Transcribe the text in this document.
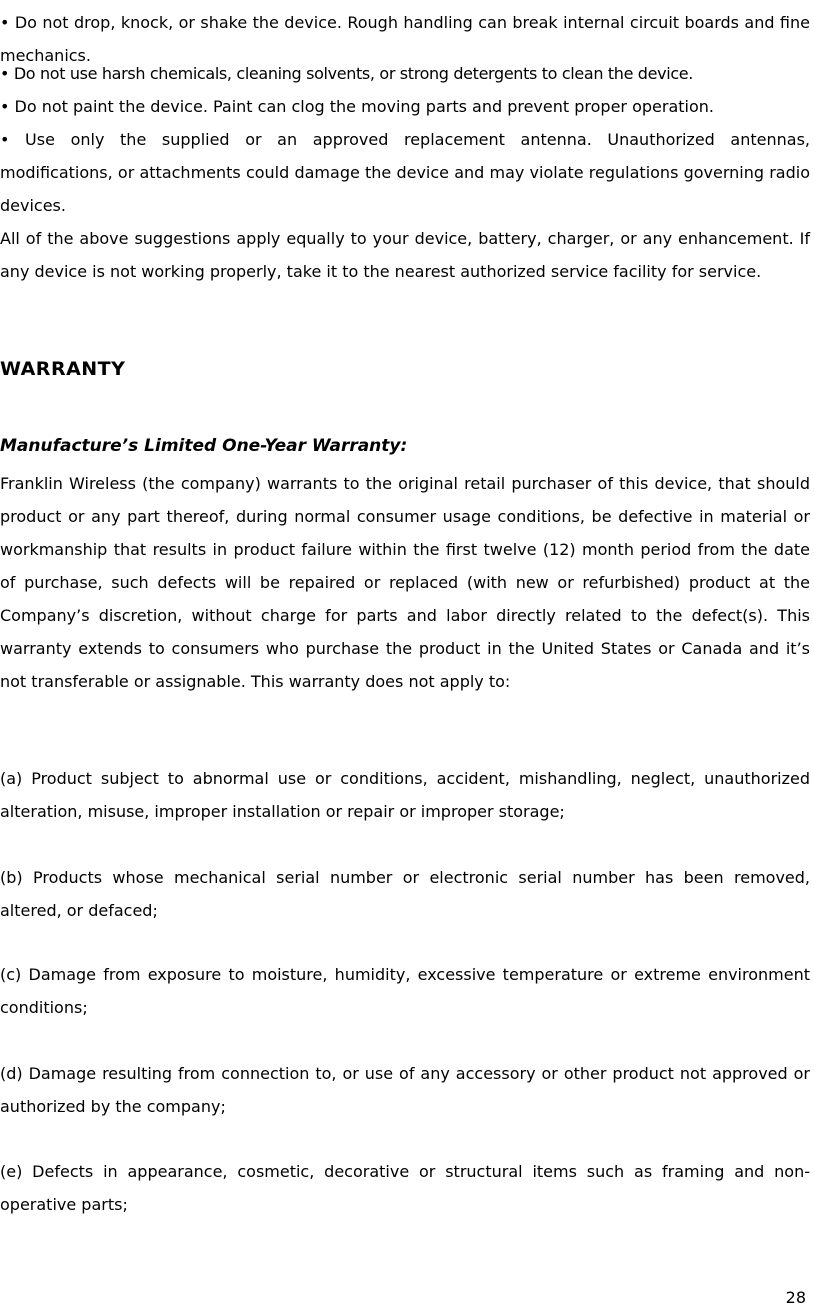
• Do not drop, knock, or shake the device. Rough handling can break internal circuit boards and fine mechanics.

• Do not use harsh chemicals, cleaning solvents, or strong detergents to clean the device.

• Do not paint the device. Paint can clog the moving parts and prevent proper operation.

• Use only the supplied or an approved replacement antenna. Unauthorized antennas, modifications, or attachments could damage the device and may violate regulations governing radio devices.

All of the above suggestions apply equally to your device, battery, charger, or any enhancement. If any device is not working properly, take it to the nearest authorized service facility for service.

WARRANTY
Manufacture’s Limited One-Year Warranty:

Franklin Wireless (the company) warrants to the original retail purchaser of this device, that should product or any part thereof, during normal consumer usage conditions, be defective in material or workmanship that results in product failure within the first twelve (12) month period from the date of purchase, such defects will be repaired or replaced (with new or refurbished) product at the Company’s discretion, without charge for parts and labor directly related to the defect(s). This warranty extends to consumers who purchase the product in the United States or Canada and it’s not transferable or assignable. This warranty does not apply to:

(a) Product subject to abnormal use or conditions, accident, mishandling, neglect, unauthorized alteration, misuse, improper installation or repair or improper storage;

(b) Products whose mechanical serial number or electronic serial number has been removed, altered, or defaced;

(c) Damage from exposure to moisture, humidity, excessive temperature or extreme environment conditions;

(d) Damage resulting from connection to, or use of any accessory or other product not approved or authorized by the company;

(e) Defects in appearance, cosmetic, decorative or structural items such as framing and non-operative parts;

28
